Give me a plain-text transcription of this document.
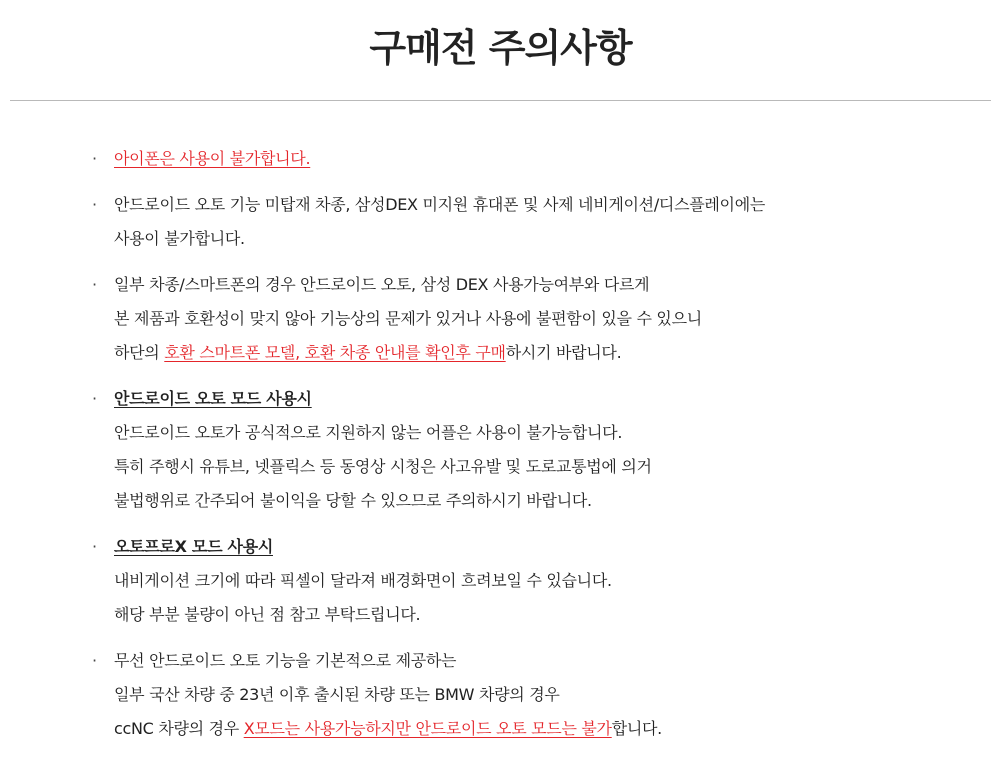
구매전 주의사항
· 아이폰은 사용이 불가합니다.
· 안드로이드 오토 기능 미탑재 차종, 삼성DEX 미지원 휴대폰 및 사제 네비게이션/디스플레이에는
사용이 불가합니다.
· 일부 차종/스마트폰의 경우 안드로이드 오토, 삼성 DEX 사용가능여부와 다르게
본 제품과 호환성이 맞지 않아 기능상의 문제가 있거나 사용에 불편함이 있을 수 있으니
하단의 호환 스마트폰 모델, 호환 차종 안내를 확인후 구매하시기 바랍니다.
· 안드로이드 오토 모드 사용시
안드로이드 오토가 공식적으로 지원하지 않는 어플은 사용이 불가능합니다.
특히 주행시 유튜브, 넷플릭스 등 동영상 시청은 사고유발 및 도로교통법에 의거
불법행위로 간주되어 불이익을 당할 수 있으므로 주의하시기 바랍니다.
· 오토프로X 모드 사용시
내비게이션 크기에 따라 픽셀이 달라져 배경화면이 흐려보일 수 있습니다.
해당 부분 불량이 아닌 점 참고 부탁드립니다.
· 무선 안드로이드 오토 기능을 기본적으로 제공하는
일부 국산 차량 중 23년 이후 출시된 차량 또는 BMW 차량의 경우
ccNC 차량의 경우 X모드는 사용가능하지만 안드로이드 오토 모드는 불가합니다.
